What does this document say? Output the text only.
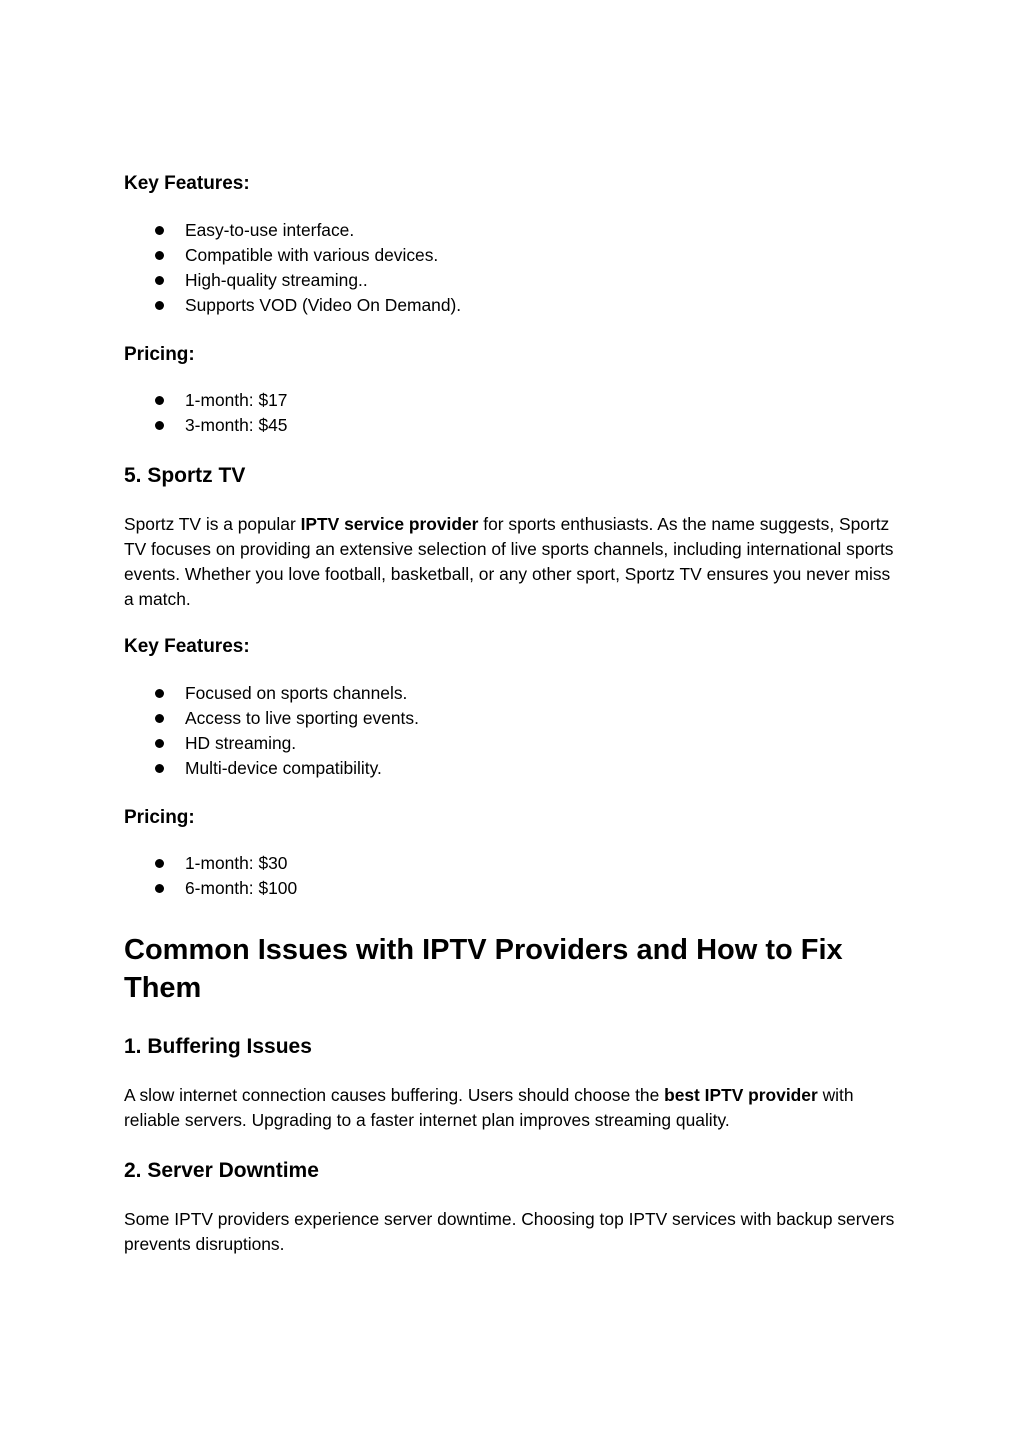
Key Features:
Easy-to-use interface.
Compatible with various devices.
High-quality streaming..
Supports VOD (Video On Demand).
Pricing:
1-month: $17
3-month: $45
5. Sportz TV

Sportz TV is a popular IPTV service provider for sports enthusiasts. As the name suggests, Sportz TV focuses on providing an extensive selection of live sports channels, including international sports events. Whether you love football, basketball, or any other sport, Sportz TV ensures you never miss a match.

Key Features:
Focused on sports channels.
Access to live sporting events.
HD streaming.
Multi-device compatibility.
Pricing:
1-month: $30
6-month: $100
Common Issues with IPTV Providers and How to Fix Them
1. Buffering Issues

A slow internet connection causes buffering. Users should choose the best IPTV provider with reliable servers. Upgrading to a faster internet plan improves streaming quality.

2. Server Downtime

Some IPTV providers experience server downtime. Choosing top IPTV services with backup servers prevents disruptions.
